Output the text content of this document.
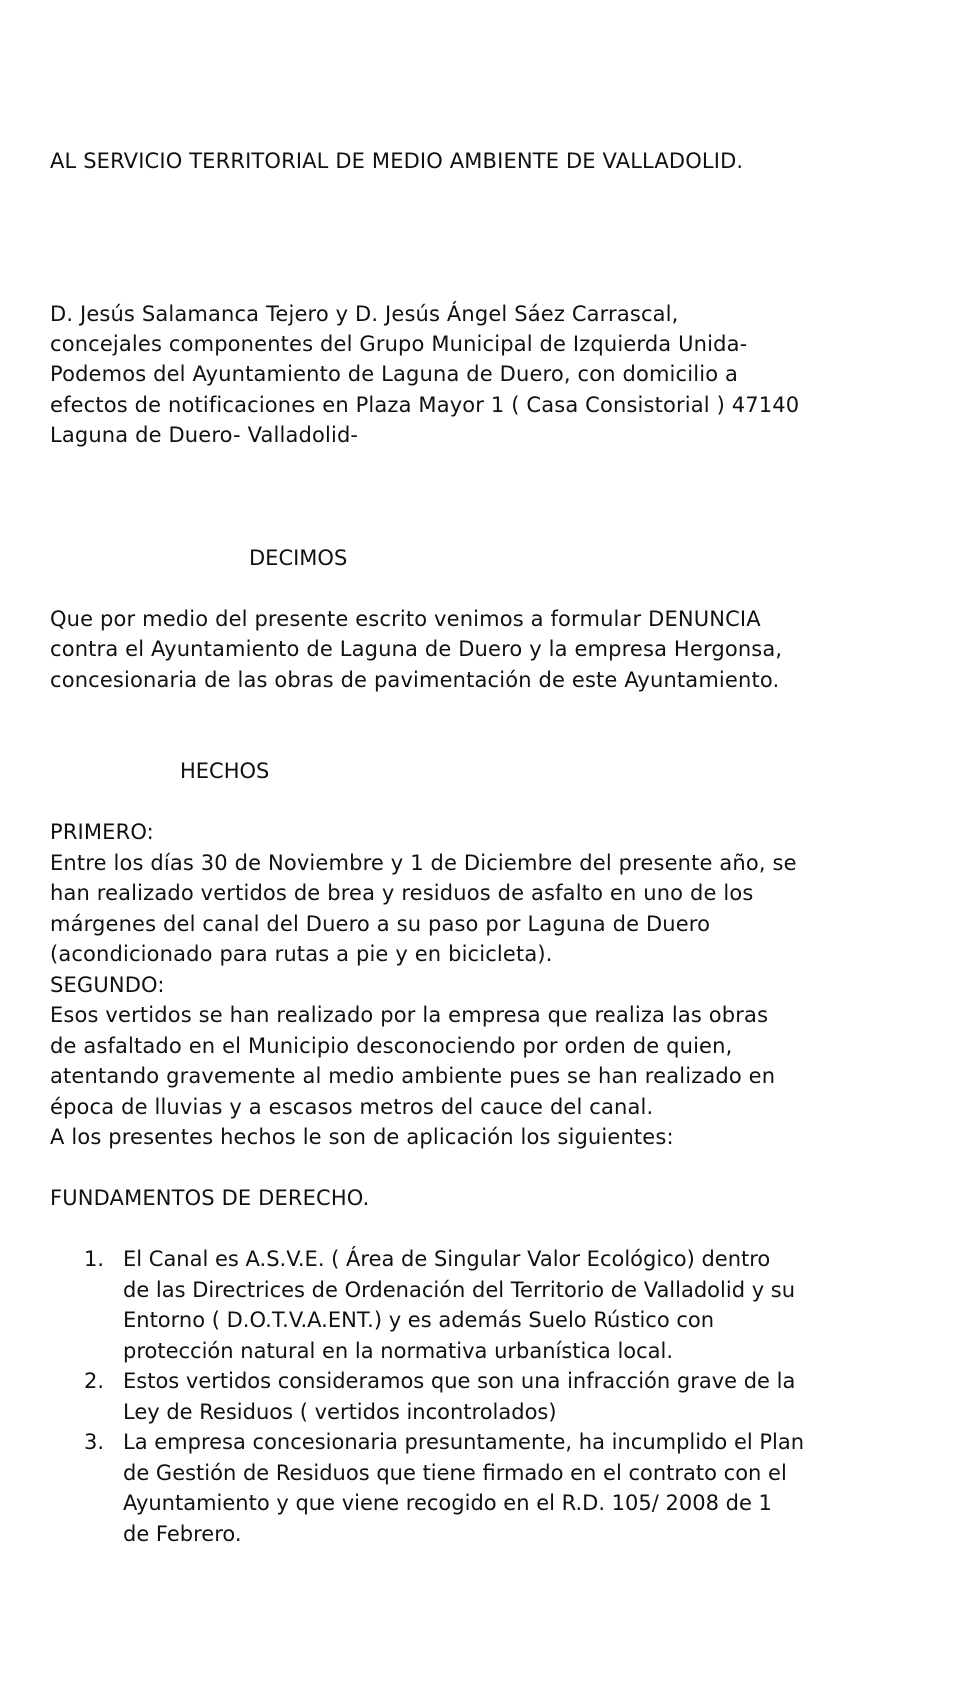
AL SERVICIO TERRITORIAL DE MEDIO AMBIENTE DE VALLADOLID.
D. Jesús Salamanca Tejero y D. Jesús Ángel Sáez Carrascal,
concejales componentes del Grupo Municipal de Izquierda Unida-
Podemos del Ayuntamiento de Laguna de Duero, con domicilio a
efectos de notificaciones en Plaza Mayor 1 ( Casa Consistorial ) 47140
Laguna de Duero- Valladolid-
DECIMOS
Que por medio del presente escrito venimos a formular DENUNCIA
contra el Ayuntamiento de Laguna de Duero y la empresa Hergonsa,
concesionaria de las obras de pavimentación de este Ayuntamiento.
HECHOS
PRIMERO:
Entre los días 30 de Noviembre y 1 de Diciembre del presente año, se
han realizado vertidos de brea y residuos de asfalto en uno de los
márgenes del canal del Duero a su paso por Laguna de Duero
(acondicionado para rutas a pie y en bicicleta).
SEGUNDO:
Esos vertidos se han realizado por la empresa que realiza las obras
de asfaltado en el Municipio desconociendo por orden de quien,
atentando gravemente al medio ambiente pues se han realizado en
época de lluvias y a escasos metros del cauce del canal.
A los presentes hechos le son de aplicación los siguientes:
FUNDAMENTOS DE DERECHO.
1. El Canal es A.S.V.E. ( Área de Singular Valor Ecológico) dentro
de las Directrices de Ordenación del Territorio de Valladolid y su
Entorno ( D.O.T.V.A.ENT.) y es además Suelo Rústico con
protección natural en la normativa urbanística local.
2. Estos vertidos consideramos que son una infracción grave de la
Ley de Residuos ( vertidos incontrolados)
3. La empresa concesionaria presuntamente, ha incumplido el Plan
de Gestión de Residuos que tiene firmado en el contrato con el
Ayuntamiento y que viene recogido en el R.D. 105/ 2008 de 1
de Febrero.
